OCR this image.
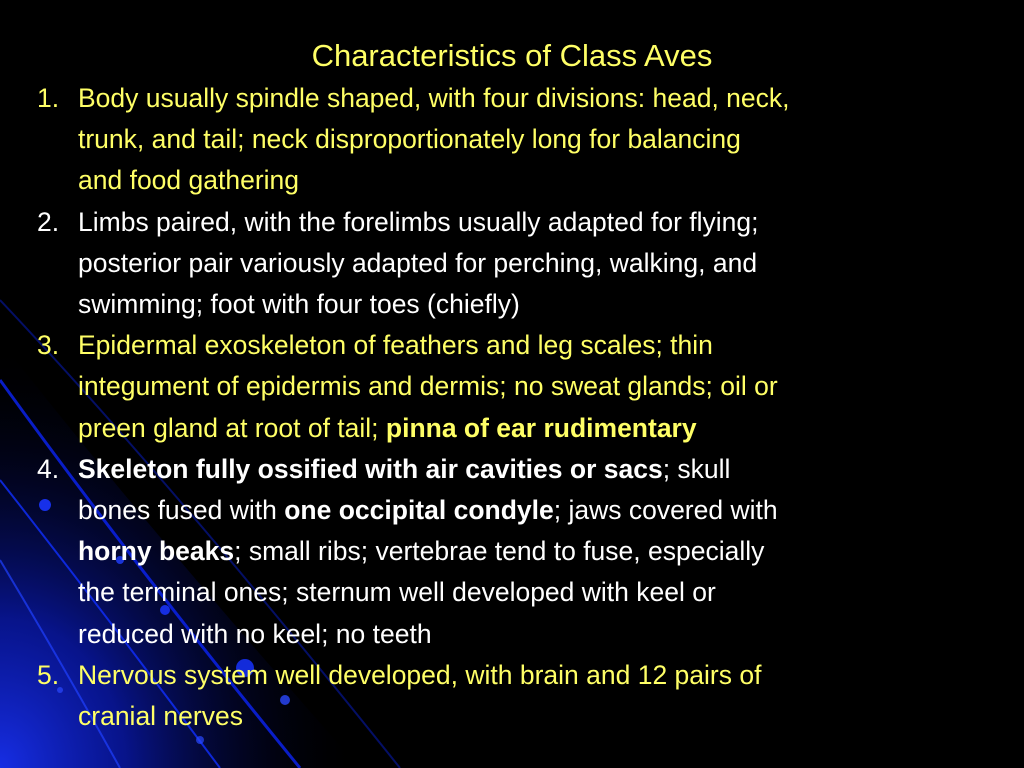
Characteristics of Class Aves
1 . Body usually spindle shaped, with four divisions: head, neck,
trunk, and tail; neck disproportionately long for balancing
and food gathering
2 . Limbs paired, with the forelimbs usually adapted for flying;
posterior pair variously adapted for perching, walking, and
swimming; foot with four toes (chiefly)
3 . Epidermal exoskeleton of feathers and leg scales; thin
integument of epidermis and dermis; no sweat glands; oil or
preen gland at root of tail; pinna of ear rudimentary
4 . Skeleton fully ossified with air cavities or sacs; skull
bones fused with one occipital condyle; jaws covered with
horny beaks; small ribs; vertebrae tend to fuse, especially
the terminal ones; sternum well developed with keel or
reduced with no keel; no teeth
5 . Nervous system well developed, with brain and 12 pairs of
cranial nerves
